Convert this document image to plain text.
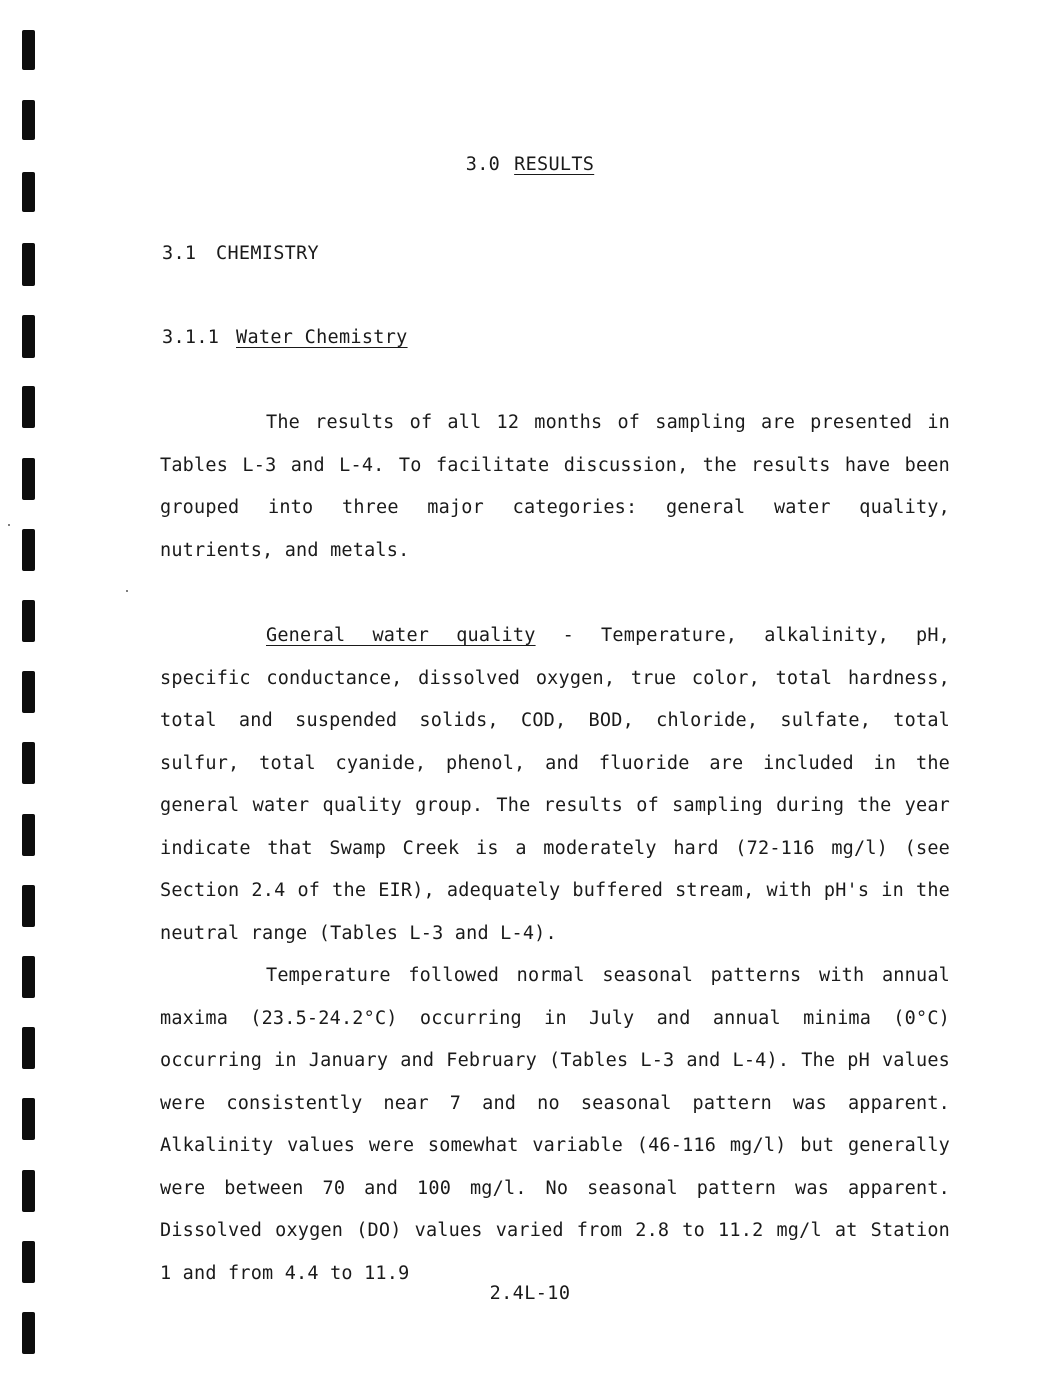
3.0 RESULTS
3.1 CHEMISTRY
3.1.1 Water Chemistry
The results of all 12 months of sampling are presented in Tables L-3 and L-4. To facilitate discussion, the results have been grouped into three major categories: general water quality, nutrients, and metals.
General water quality - Temperature, alkalinity, pH, specific conductance, dissolved oxygen, true color, total hardness, total and suspended solids, COD, BOD, chloride, sulfate, total sulfur, total cyanide, phenol, and fluoride are included in the general water quality group. The results of sampling during the year indicate that Swamp Creek is a moderately hard (72-116 mg/l) (see Section 2.4 of the EIR), adequately buffered stream, with pH's in the neutral range (Tables L-3 and L-4).
Temperature followed normal seasonal patterns with annual maxima (23.5-24.2°C) occurring in July and annual minima (0°C) occurring in January and February (Tables L-3 and L-4). The pH values were consistently near 7 and no seasonal pattern was apparent. Alkalinity values were somewhat variable (46-116 mg/l) but generally were between 70 and 100 mg/l. No seasonal pattern was apparent. Dissolved oxygen (DO) values varied from 2.8 to 11.2 mg/l at Station 1 and from 4.4 to 11.9
2.4L-10
